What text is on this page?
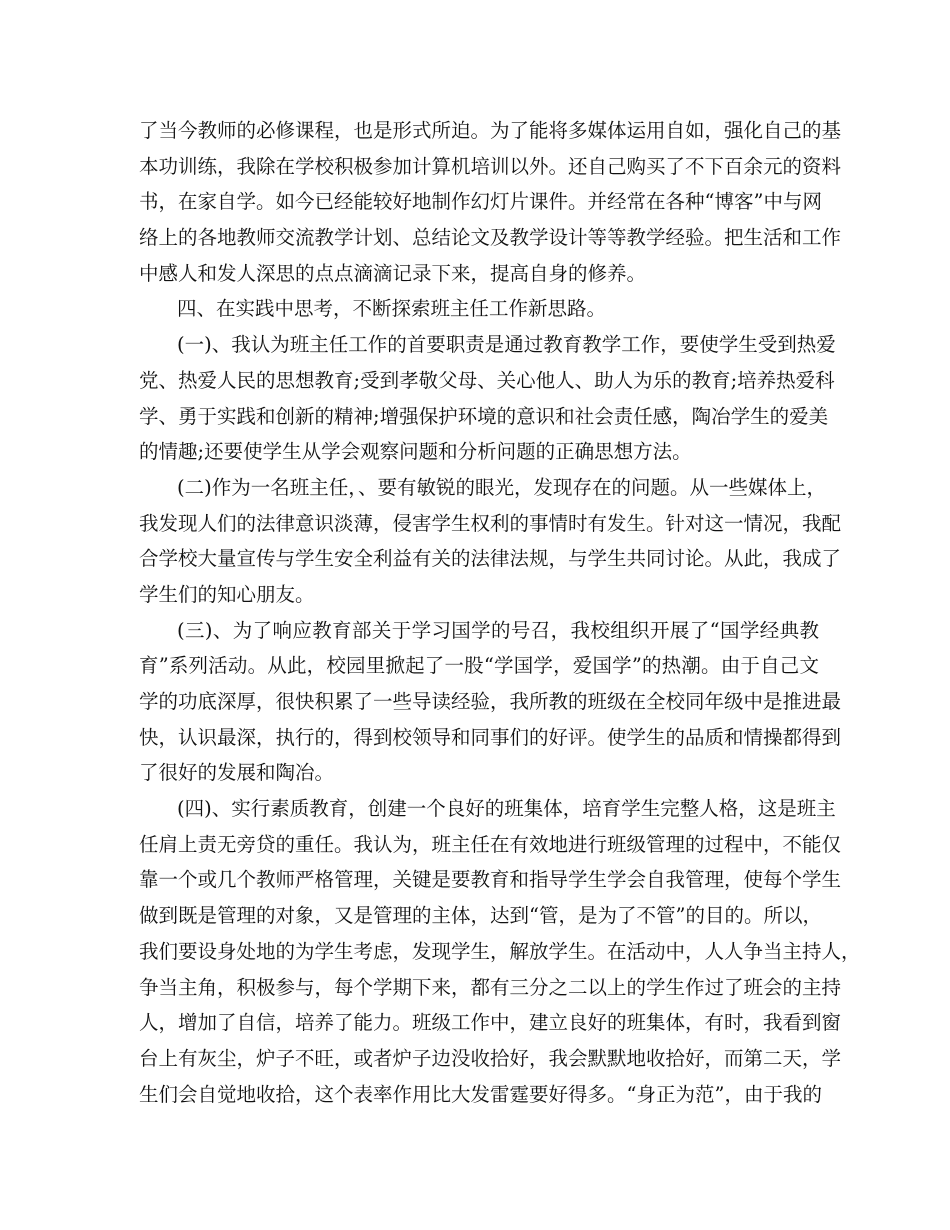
了当今教师的必修课程，也是形式所迫。为了能将多媒体运用自如，强化自己的基
本功训练，我除在学校积极参加计算机培训以外。还自己购买了不下百余元的资料
书，在家自学。如今已经能较好地制作幻灯片课件。并经常在各种“博客”中与网
络上的各地教师交流教学计划、总结论文及教学设计等等教学经验。把生活和工作
中感人和发人深思的点点滴滴记录下来，提高自身的修养。
四、在实践中思考，不断探索班主任工作新思路。
(一)、我认为班主任工作的首要职责是通过教育教学工作，要使学生受到热爱
党、热爱人民的思想教育;受到孝敬父母、关心他人、助人为乐的教育;培养热爱科
学、勇于实践和创新的精神;增强保护环境的意识和社会责任感，陶冶学生的爱美
的情趣;还要使学生从学会观察问题和分析问题的正确思想方法。
(二)作为一名班主任，、要有敏锐的眼光，发现存在的问题。从一些媒体上，
我发现人们的法律意识淡薄，侵害学生权利的事情时有发生。针对这一情况，我配
合学校大量宣传与学生安全利益有关的法律法规，与学生共同讨论。从此，我成了
学生们的知心朋友。
(三)、为了响应教育部关于学习国学的号召，我校组织开展了“国学经典教
育”系列活动。从此，校园里掀起了一股“学国学，爱国学”的热潮。由于自己文
学的功底深厚，很快积累了一些导读经验，我所教的班级在全校同年级中是推进最
快，认识最深，执行的，得到校领导和同事们的好评。使学生的品质和情操都得到
了很好的发展和陶冶。
(四)、实行素质教育，创建一个良好的班集体，培育学生完整人格，这是班主
任肩上责无旁贷的重任。我认为，班主任在有效地进行班级管理的过程中，不能仅
靠一个或几个教师严格管理，关键是要教育和指导学生学会自我管理，使每个学生
做到既是管理的对象，又是管理的主体，达到“管，是为了不管”的目的。所以，
我们要设身处地的为学生考虑，发现学生，解放学生。在活动中，人人争当主持人，
争当主角，积极参与，每个学期下来，都有三分之二以上的学生作过了班会的主持
人，增加了自信，培养了能力。班级工作中，建立良好的班集体，有时，我看到窗
台上有灰尘，炉子不旺，或者炉子边没收拾好，我会默默地收拾好，而第二天，学
生们会自觉地收拾，这个表率作用比大发雷霆要好得多。“身正为范”，由于我的
